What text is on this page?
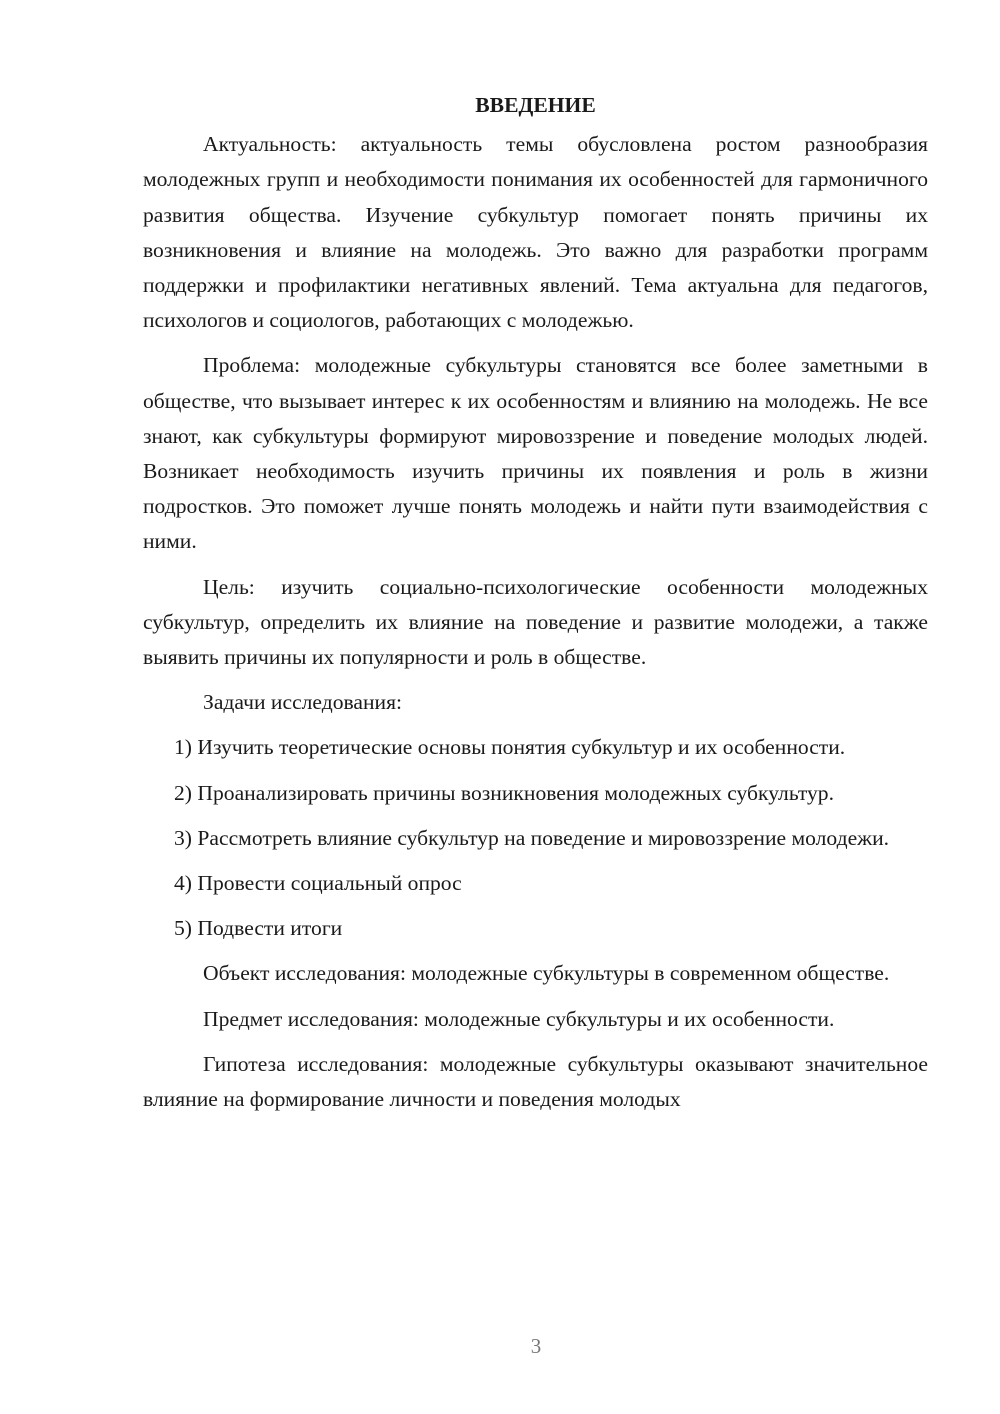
ВВЕДЕНИЕ

Актуальность: актуальность темы обусловлена ростом разнообразия молодежных групп и необходимости понимания их особенностей для гармоничного развития общества. Изучение субкультур помогает понять причины их возникновения и влияние на молодежь. Это важно для разработки программ поддержки и профилактики негативных явлений. Тема актуальна для педагогов, психологов и социологов, работающих с молодежью.

Проблема: молодежные субкультуры становятся все более заметными в обществе, что вызывает интерес к их особенностям и влиянию на молодежь. Не все знают, как субкультуры формируют мировоззрение и поведение молодых людей. Возникает необходимость изучить причины их появления и роль в жизни подростков. Это поможет лучше понять молодежь и найти пути взаимодействия с ними.

Цель: изучить социально-психологические особенности молодежных субкультур, определить их влияние на поведение и развитие молодежи, а также выявить причины их популярности и роль в обществе.

Задачи исследования:

1) Изучить теоретические основы понятия субкультур и их особенности.

2) Проанализировать причины возникновения молодежных субкультур.

3) Рассмотреть влияние субкультур на поведение и мировоззрение молодежи.

4) Провести социальный опрос

5) Подвести итоги

Объект исследования: молодежные субкультуры в современном обществе.

Предмет исследования: молодежные субкультуры и их особенности.

Гипотеза исследования: молодежные субкультуры оказывают значительное влияние на формирование личности и поведения молодых

3
